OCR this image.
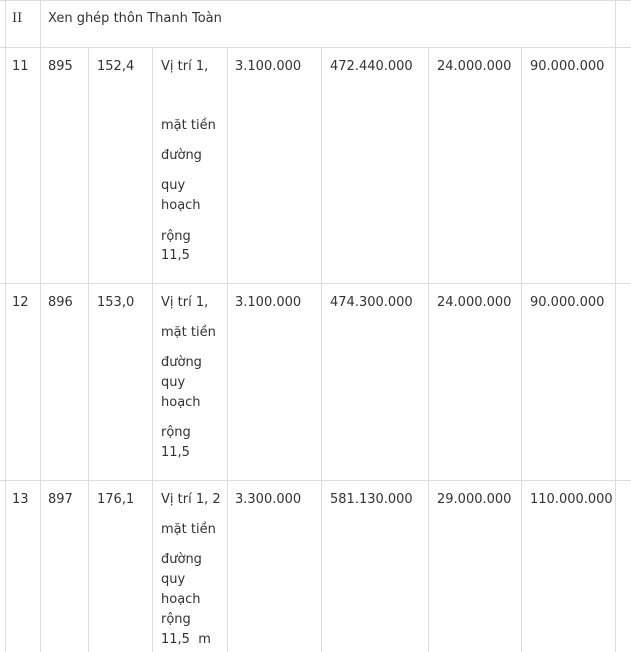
II Xen ghép thôn Thanh Toàn
11 895 152,4 Vị trí 1,
mặt tiền
đường
quy
hoạch
rộng
11,5
3.100.000 472.440.000 24.000.000 90.000.000
12 896 153,0 Vị trí 1,
mặt tiền
đường
quy
hoạch
rộng
11,5
3.100.000 474.300.000 24.000.000 90.000.000
13 897 176,1 Vị trí 1, 2
mặt tiền
đường
quy
hoạch
rộng
11,5  m
3.300.000 581.130.000 29.000.000 110.000.000
